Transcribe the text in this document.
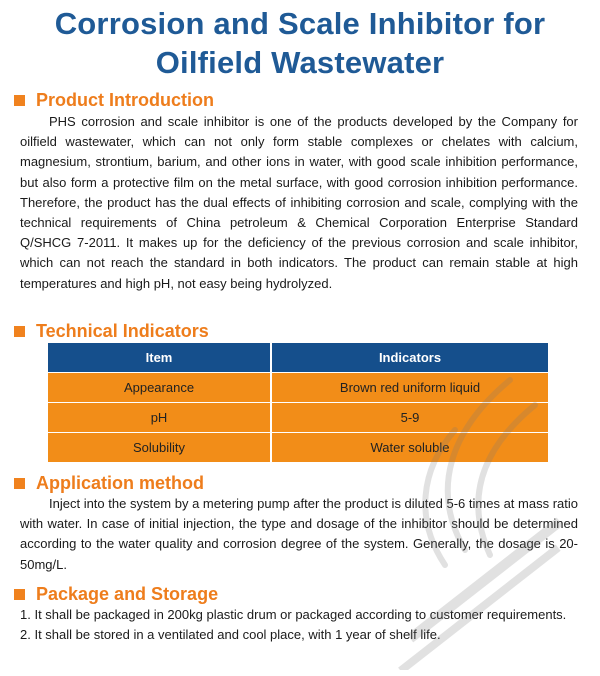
Corrosion and Scale Inhibitor for
Oilfield Wastewater
Product Introduction
PHS corrosion and scale inhibitor is one of the products developed by the Company for oilfield wastewater, which can not only form stable complexes or chelates with calcium, magnesium, strontium, barium, and other ions in water, with good scale inhibition performance, but also form a protective film on the metal surface, with good corrosion inhibition performance. Therefore, the product has the dual effects of inhibiting corrosion and scale, complying with the technical requirements of China petroleum & Chemical Corporation Enterprise Standard Q/SHCG 7-2011. It makes up for the deficiency of the previous corrosion and scale inhibitor, which can not reach the standard in both indicators. The product can remain stable at high temperatures and high pH, not easy being hydrolyzed.
Technical Indicators
Item	Indicators
Appearance	Brown red uniform liquid
pH	5-9
Solubility	Water soluble
Application method
Inject into the system by a metering pump after the product is diluted 5-6 times at mass ratio with water. In case of initial injection, the type and dosage of the inhibitor should be determined according to the water quality and corrosion degree of the system. Generally, the dosage is 20-50mg/L.
Package and Storage
1. It shall be packaged in 200kg plastic drum or packaged according to customer requirements.
2. It shall be stored in a ventilated and cool place, with 1 year of shelf life.
